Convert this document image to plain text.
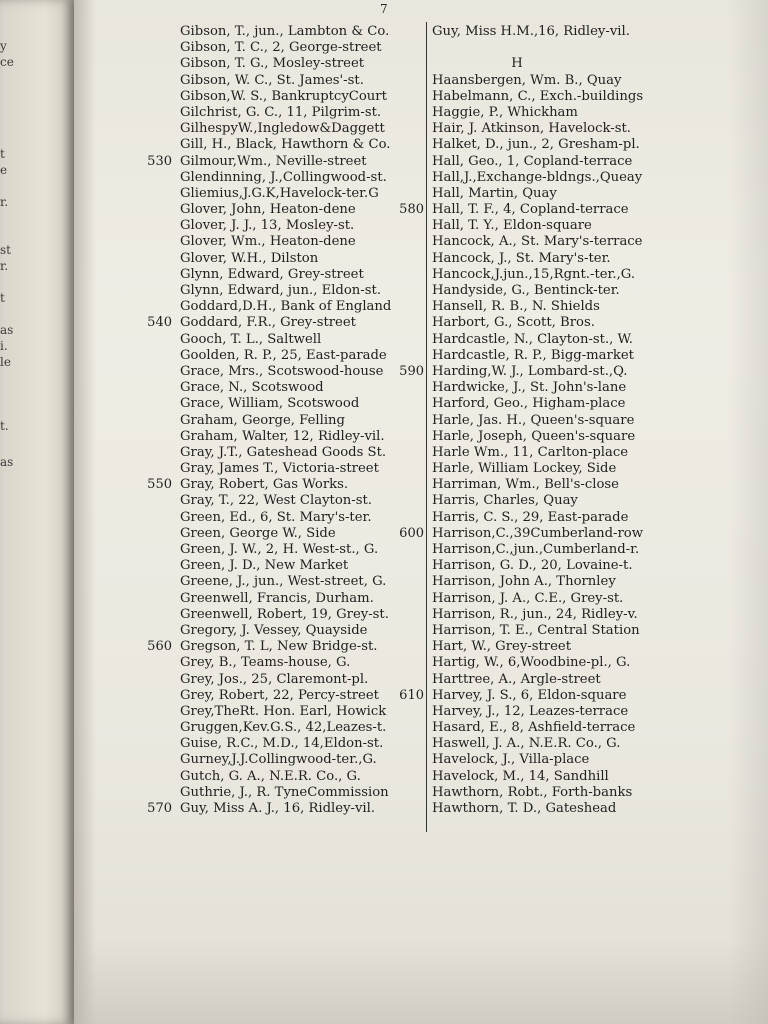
y
ce
t
e
r.
st
r.
t
as
i.
le
t.
as
7
Gibson, T., jun., Lambton & Co.
Gibson, T. C., 2, George-street
Gibson, T. G., Mosley-street
Gibson, W. C., St. James'-st.
Gibson,W. S., BankruptcyCourt
Gilchrist, G. C., 11, Pilgrim-st.
GilhespyW.,Ingledow&Daggett
Gill, H., Black, Hawthorn & Co.
530 Gilmour,Wm., Neville-street
Glendinning, J.,Collingwood-st.
Gliemius,J.G.K,Havelock-ter.G
Glover, John, Heaton-dene
Glover, J. J., 13, Mosley-st.
Glover, Wm., Heaton-dene
Glover, W.H., Dilston
Glynn, Edward, Grey-street
Glynn, Edward, jun., Eldon-st.
Goddard,D.H., Bank of England
540 Goddard, F.R., Grey-street
Gooch, T. L., Saltwell
Goolden, R. P., 25, East-parade
Grace, Mrs., Scotswood-house
Grace, N., Scotswood
Grace, William, Scotswood
Graham, George, Felling
Graham, Walter, 12, Ridley-vil.
Gray, J.T., Gateshead Goods St.
Gray, James T., Victoria-street
550 Gray, Robert, Gas Works.
Gray, T., 22, West Clayton-st.
Green, Ed., 6, St. Mary's-ter.
Green, George W., Side
Green, J. W., 2, H. West-st., G.
Green, J. D., New Market
Greene, J., jun., West-street, G.
Greenwell, Francis, Durham.
Greenwell, Robert, 19, Grey-st.
Gregory, J. Vessey, Quayside
560 Gregson, T. L, New Bridge-st.
Grey, B., Teams-house, G.
Grey, Jos., 25, Claremont-pl.
Grey, Robert, 22, Percy-street
Grey,TheRt. Hon. Earl, Howick
Gruggen,Kev.G.S., 42,Leazes-t.
Guise, R.C., M.D., 14,Eldon-st.
Gurney,J.J.Collingwood-ter.,G.
Gutch, G. A., N.E.R. Co., G.
Guthrie, J., R. TyneCommission
570 Guy, Miss A. J., 16, Ridley-vil.
Guy, Miss H.M.,16, Ridley-vil.
H
Haansbergen, Wm. B., Quay
Habelmann, C., Exch.-buildings
Haggie, P., Whickham
Hair, J. Atkinson, Havelock-st.
Halket, D., jun., 2, Gresham-pl.
Hall, Geo., 1, Copland-terrace
Hall,J.,Exchange-bldngs.,Queay
Hall, Martin, Quay
580 Hall, T. F., 4, Copland-terrace
Hall, T. Y., Eldon-square
Hancock, A., St. Mary's-terrace
Hancock, J., St. Mary's-ter.
Hancock,J.jun.,15,Rgnt.-ter.,G.
Handyside, G., Bentinck-ter.
Hansell, R. B., N. Shields
Harbort, G., Scott, Bros.
Hardcastle, N., Clayton-st., W.
Hardcastle, R. P., Bigg-market
590 Harding,W. J., Lombard-st.,Q.
Hardwicke, J., St. John's-lane
Harford, Geo., Higham-place
Harle, Jas. H., Queen's-square
Harle, Joseph, Queen's-square
Harle Wm., 11, Carlton-place
Harle, William Lockey, Side
Harriman, Wm., Bell's-close
Harris, Charles, Quay
Harris, C. S., 29, East-parade
600 Harrison,C.,39Cumberland-row
Harrison,C.,jun.,Cumberland-r.
Harrison, G. D., 20, Lovaine-t.
Harrison, John A., Thornley
Harrison, J. A., C.E., Grey-st.
Harrison, R., jun., 24, Ridley-v.
Harrison, T. E., Central Station
Hart, W., Grey-street
Hartig, W., 6,Woodbine-pl., G.
Harttree, A., Argle-street
610 Harvey, J. S., 6, Eldon-square
Harvey, J., 12, Leazes-terrace
Hasard, E., 8, Ashfield-terrace
Haswell, J. A., N.E.R. Co., G.
Havelock, J., Villa-place
Havelock, M., 14, Sandhill
Hawthorn, Robt., Forth-banks
Hawthorn, T. D., Gateshead
